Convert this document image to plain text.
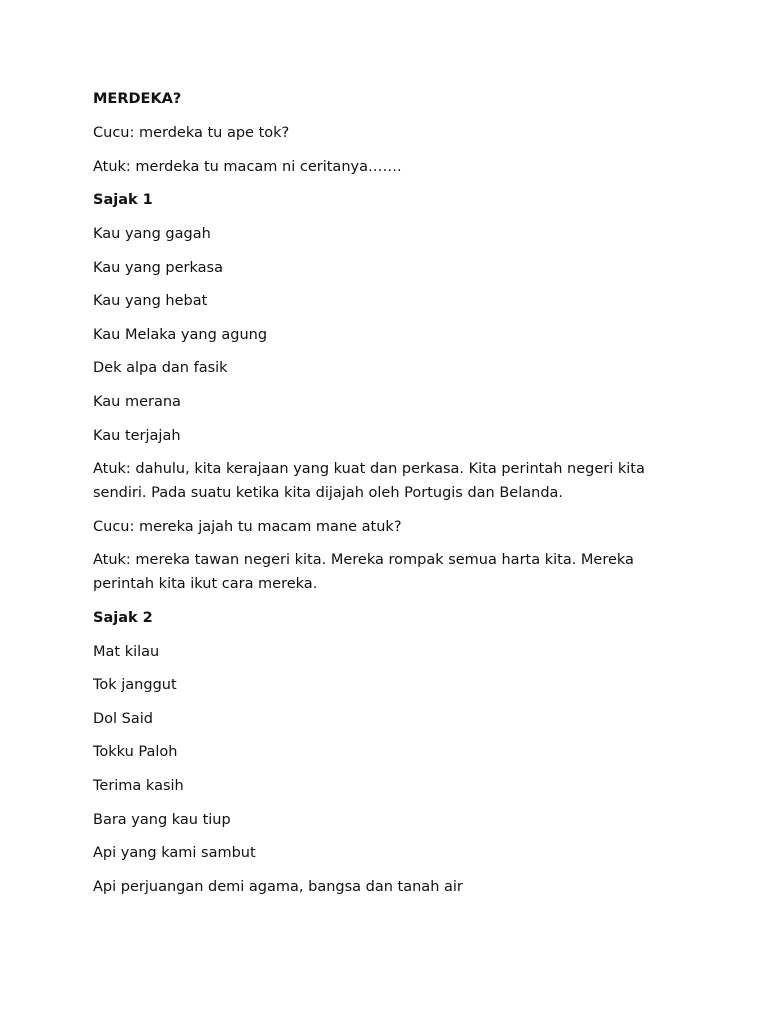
MERDEKA?

Cucu: merdeka tu ape tok?

Atuk: merdeka tu macam ni ceritanya…….

Sajak 1

Kau yang gagah

Kau yang perkasa

Kau yang hebat

Kau Melaka yang agung

Dek alpa dan fasik

Kau merana

Kau terjajah

Atuk: dahulu, kita kerajaan yang kuat dan perkasa. Kita perintah negeri kita sendiri. Pada suatu ketika kita dijajah oleh Portugis dan Belanda.

Cucu: mereka jajah tu macam mane atuk?

Atuk: mereka tawan negeri kita. Mereka rompak semua harta kita. Mereka perintah kita ikut cara mereka.

Sajak 2

Mat kilau

Tok janggut

Dol Said

Tokku Paloh

Terima kasih

Bara yang kau tiup

Api yang kami sambut

Api perjuangan demi agama, bangsa dan tanah air
